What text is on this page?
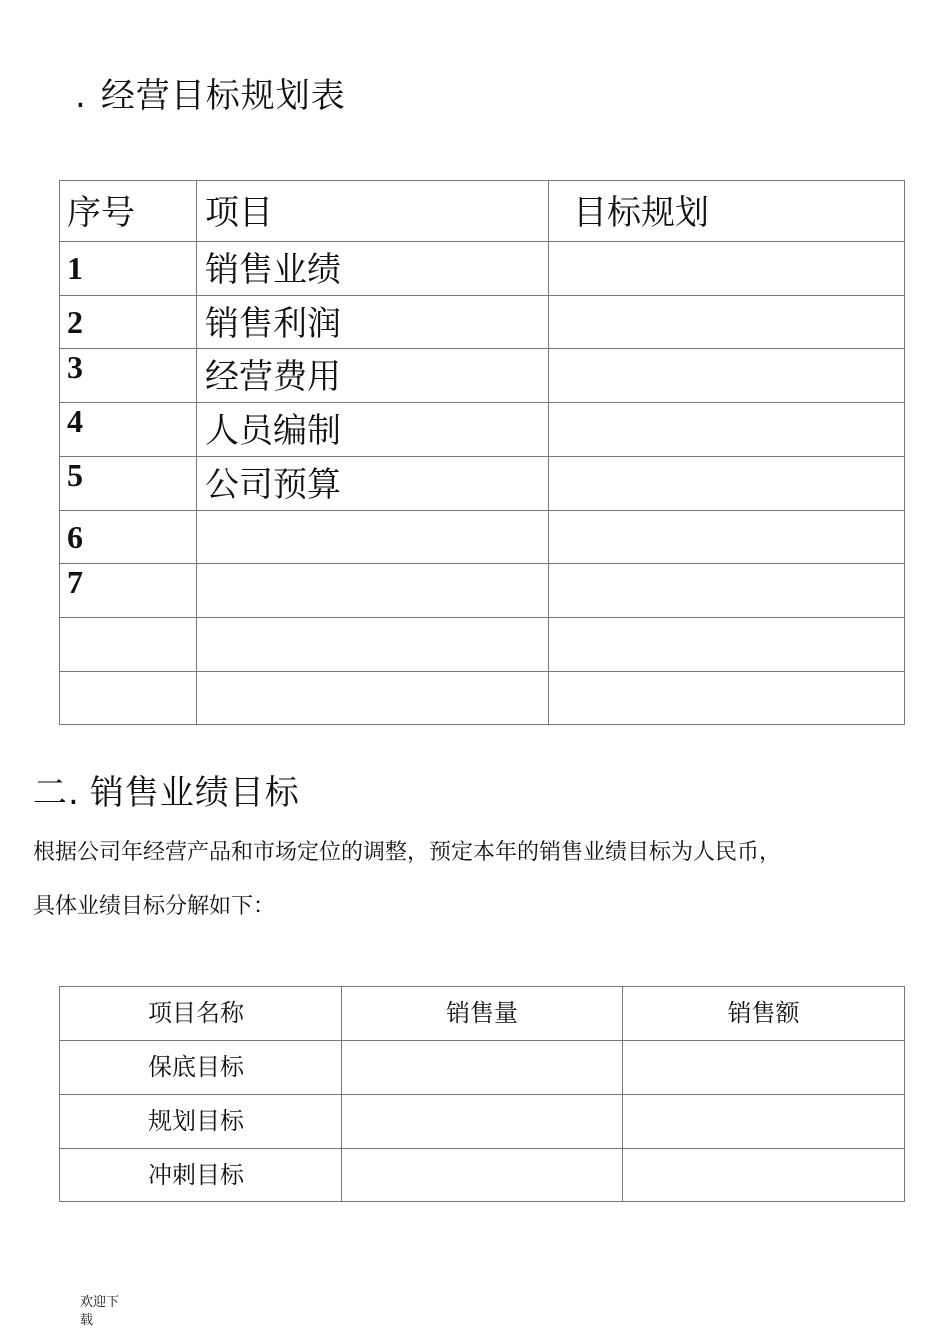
. 经营目标规划表
序号	项目	目标规划
1	销售业绩	
2	销售利润	
3	经营费用	
4	人员编制	
5	公司预算	
6		
7		

二. 销售业绩目标
根据公司年经营产品和市场定位的调整，预定本年的销售业绩目标为人民币，
具体业绩目标分解如下：
项目名称	销售量	销售额
保底目标		
规划目标		
冲刺目标		
欢迎下载
